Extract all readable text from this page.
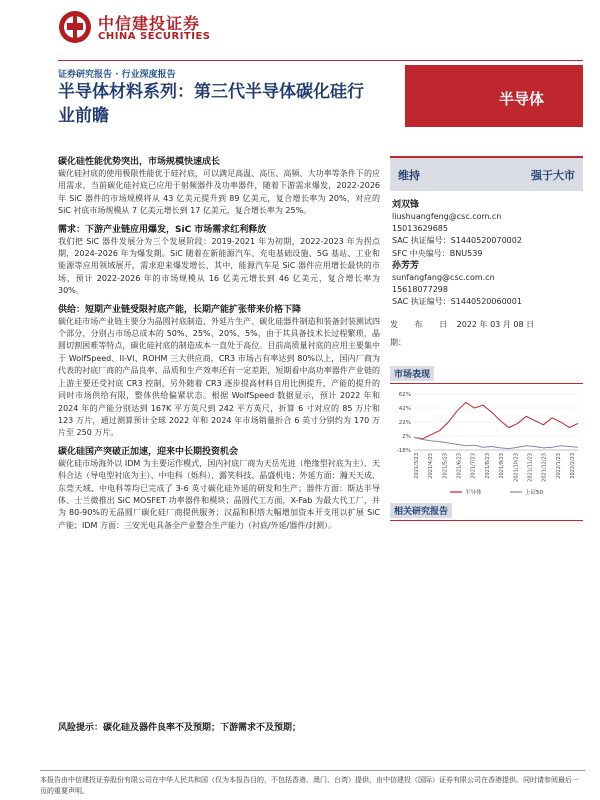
中信建投证券
CHINA SECURITIES
证券研究报告 · 行业深度报告
半导体材料系列：第三代半导体碳化硅行业前瞻
半导体
碳化硅性能优势突出，市场规模快速成长
碳化硅衬底的使用极限性能优于硅衬底，可以满足高温、高压、高频、大功率等条件下的应用需求，当前碳化硅衬底已应用于射频器件及功率器件，随着下游需求爆发，2022-2026 年 SiC 器件的市场规模将从 43 亿美元提升到 89 亿美元，复合增长率为 20%，对应的 SiC 衬底市场规模从 7 亿美元增长到 17 亿美元，复合增长率为 25%。
需求：下游产业链应用爆发，SiC 市场需求红利释放
我们把 SiC 器件发展分为三个发展阶段：2019-2021 年为初期，2022-2023 年为拐点期，2024-2026 年为爆发期。SiC 随着在新能源汽车、充电基础设施、5G 基站、工业和能源等应用领域展开，需求迎来爆发增长，其中，能源汽车是 SiC 器件应用增长最快的市场，预计 2022-2026 年的市场规模从 16 亿美元增长到 46 亿美元，复合增长率为 30%。
供给：短期产业链受限衬底产能，长期产能扩张带来价格下降
碳化硅市场产业链主要分为晶圆衬底制造、外延片生产、碳化硅器件制造和装备封装测试四个部分，分别占市场总成本的 50%、25%、20%、5%，由于其具备技术长过程繁琐，晶圆切割困难等特点，碳化硅衬底的制造成本一直处于高位。目前高质量衬底的应用主要集中于 WolfSpeed、II-VI、ROHM 三大供应商，CR3 市场占有率达到 80%以上，国内厂商为代表的衬底厂商的产品良率、品质和生产效率还有一定差距，短期看中高功率器件产业链的上游主要还受衬底 CR3 控制，另外随着 CR3 逐步提高材料自用比例提升，产能的提升的同时市场供给有限，整体供给偏紧状态。根据 WolfSpeed 数据显示，预计 2022 年和 2024 年的产能分别达到 167K 平方英尺到 242 平方英尺，折算 6 寸对应的 85 万片和 123 万片，通过测算预计全球 2022 年和 2024 年市场销量折合 6 英寸分别约为 170 万片至 250 万片。
碳化硅国产突破正加速，迎来中长期投资机会
碳化硅市场海外以 IDM 为主要运作模式，国内衬底厂商为天岳先进（绝缘型衬底为主）、天科合达（导电型衬底为主）、中电科（烁科）、露笑科技、晶盛机电；外延方面：瀚天天成、东莞天域、中电科等均已完成了 3-6 英寸碳化硅外延的研发和生产；器件方面：斯达半导体、士兰微推出 SiC MOSFET 功率器件和模块；晶圆代工方面，X-Fab 为最大代工厂，并为 80-90%的无晶圆厂碳化硅厂商提供服务；汉磊和积塔大幅增加资本开支用以扩展 SiC 产能；IDM 方面：三安光电具备全产业整合生产能力（衬底/外延/器件/封测）。
风险提示：碳化硅及器件良率不及预期；下游需求不及预期；
维持	强于大市
刘双锋
liushuangfeng@csc.com.cn
15013629685
SAC 执证编号：S1440520070002
SFC 中央编号：BNU539
孙芳芳
sunfangfang@csc.com.cn
15618077298
SAC 执证编号：S1440520060001
发 布 日 2022 年 03 月 08 日
期：
市场表现
62%
42%
22%
2%
-18%
2021/3/23 2021/4/23 2021/5/23 2021/6/23 2021/7/23 2021/8/23 2021/9/23 2021/10/23 2021/11/23 2021/12/23 2022/1/23 2022/2/23
半导体	上证50
相关研究报告
本报告由中信建投证券股份有限公司在中华人民共和国（仅为本报告目的，不包括香港、澳门、台湾）提供，由中信建投（国际）证券有限公司在香港提供。同时请参阅最后一页的重要声明。
